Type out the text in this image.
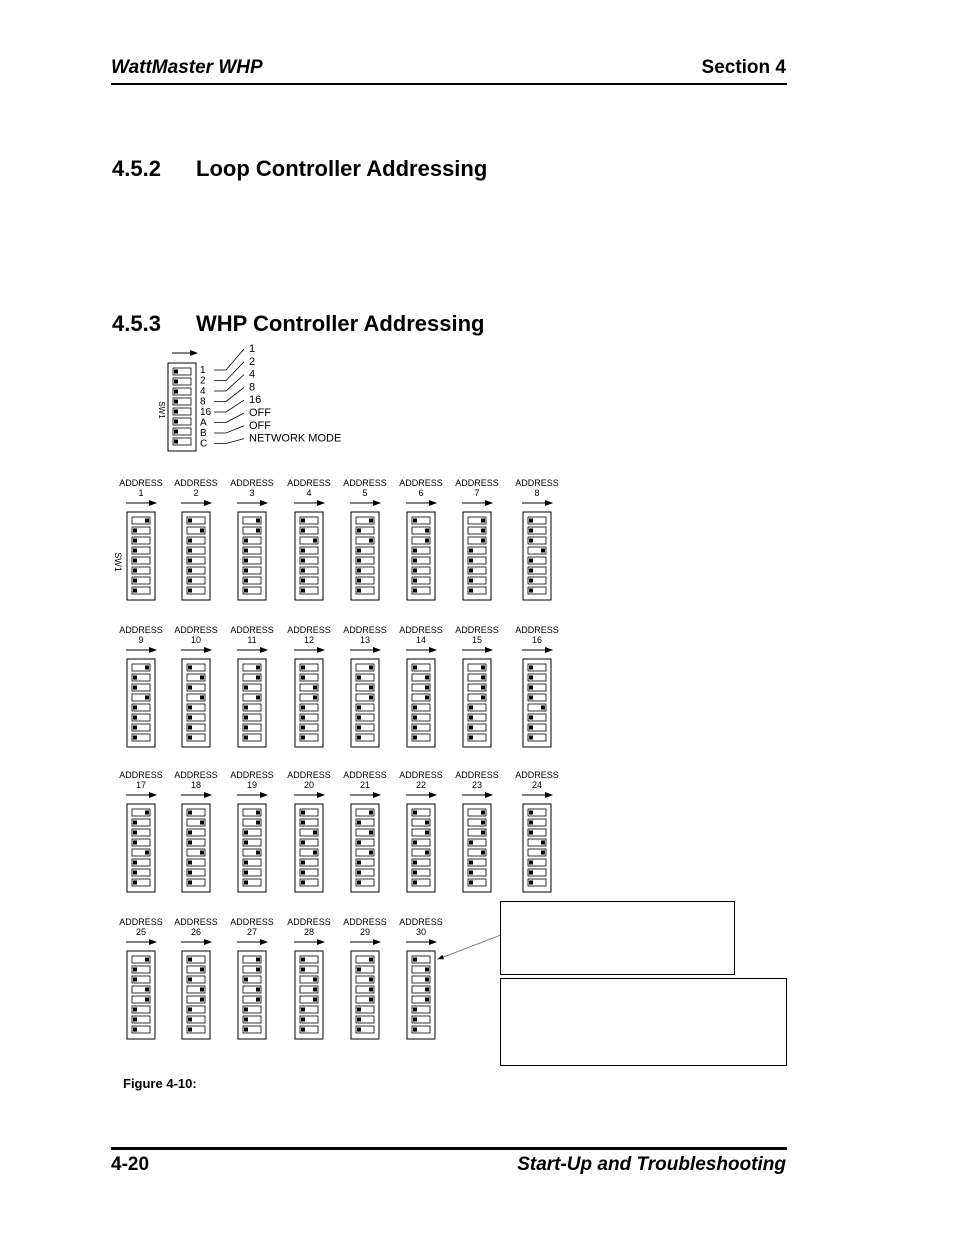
WattMaster WHP	Section 4
4.5.2	Loop Controller Addressing
4.5.3	WHP Controller Addressing
SW1
1
2
4
8
16
A
B
C
1
2
4
8
16
OFF
OFF
NETWORK MODE
ADDRESS
1
ADDRESS
2
ADDRESS
3
ADDRESS
4
ADDRESS
5
ADDRESS
6
ADDRESS
7
ADDRESS
8
ADDRESS
9
ADDRESS
10
ADDRESS
11
ADDRESS
12
ADDRESS
13
ADDRESS
14
ADDRESS
15
ADDRESS
16
ADDRESS
17
ADDRESS
18
ADDRESS
19
ADDRESS
20
ADDRESS
21
ADDRESS
22
ADDRESS
23
ADDRESS
24
ADDRESS
25
ADDRESS
26
ADDRESS
27
ADDRESS
28
ADDRESS
29
ADDRESS
30
SW1
Figure 4-10:
4-20	Start-Up and Troubleshooting
